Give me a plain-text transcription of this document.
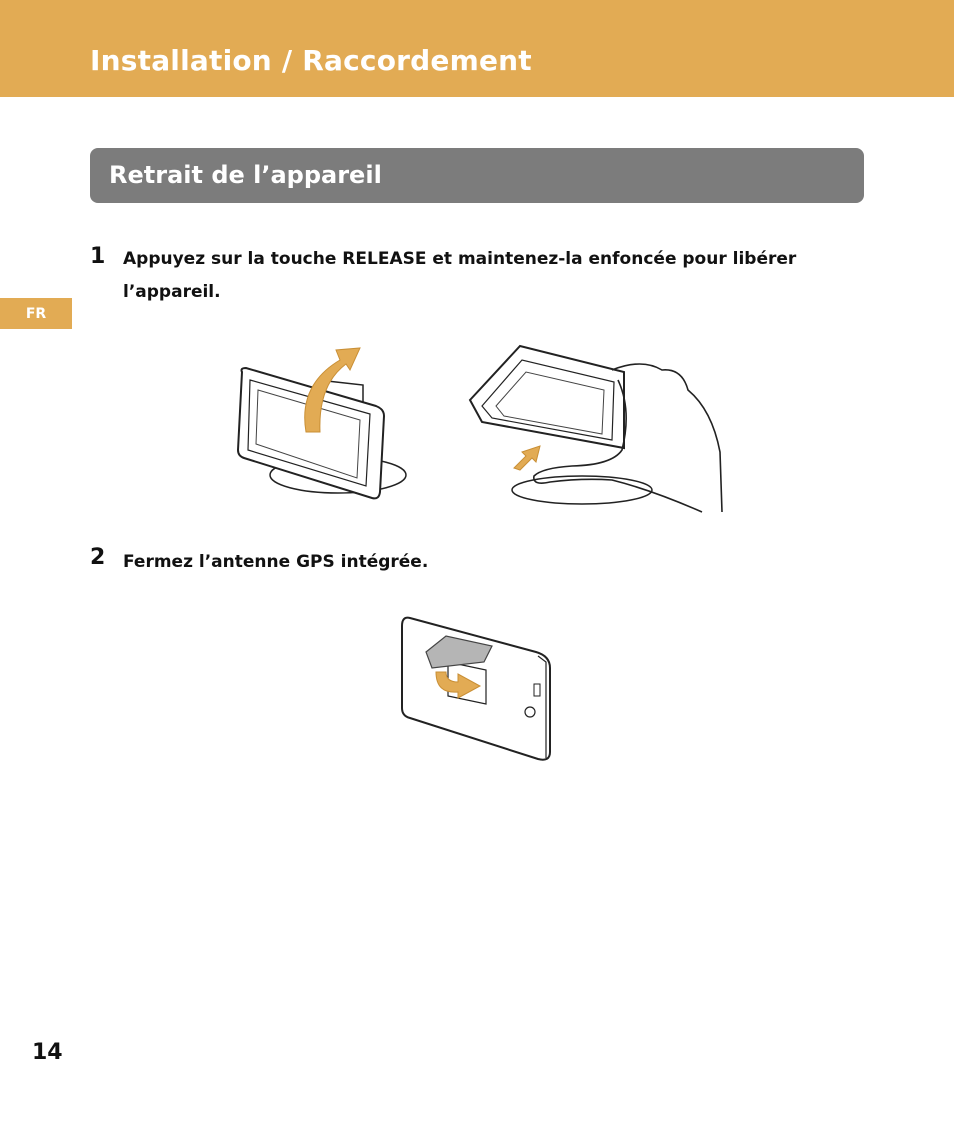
Installation / Raccordement
Retrait de l’appareil
FR
1 Appuyez sur la touche RELEASE et maintenez-la enfoncée pour libérer l’appareil.
2 Fermez l’antenne GPS intégrée.
14
